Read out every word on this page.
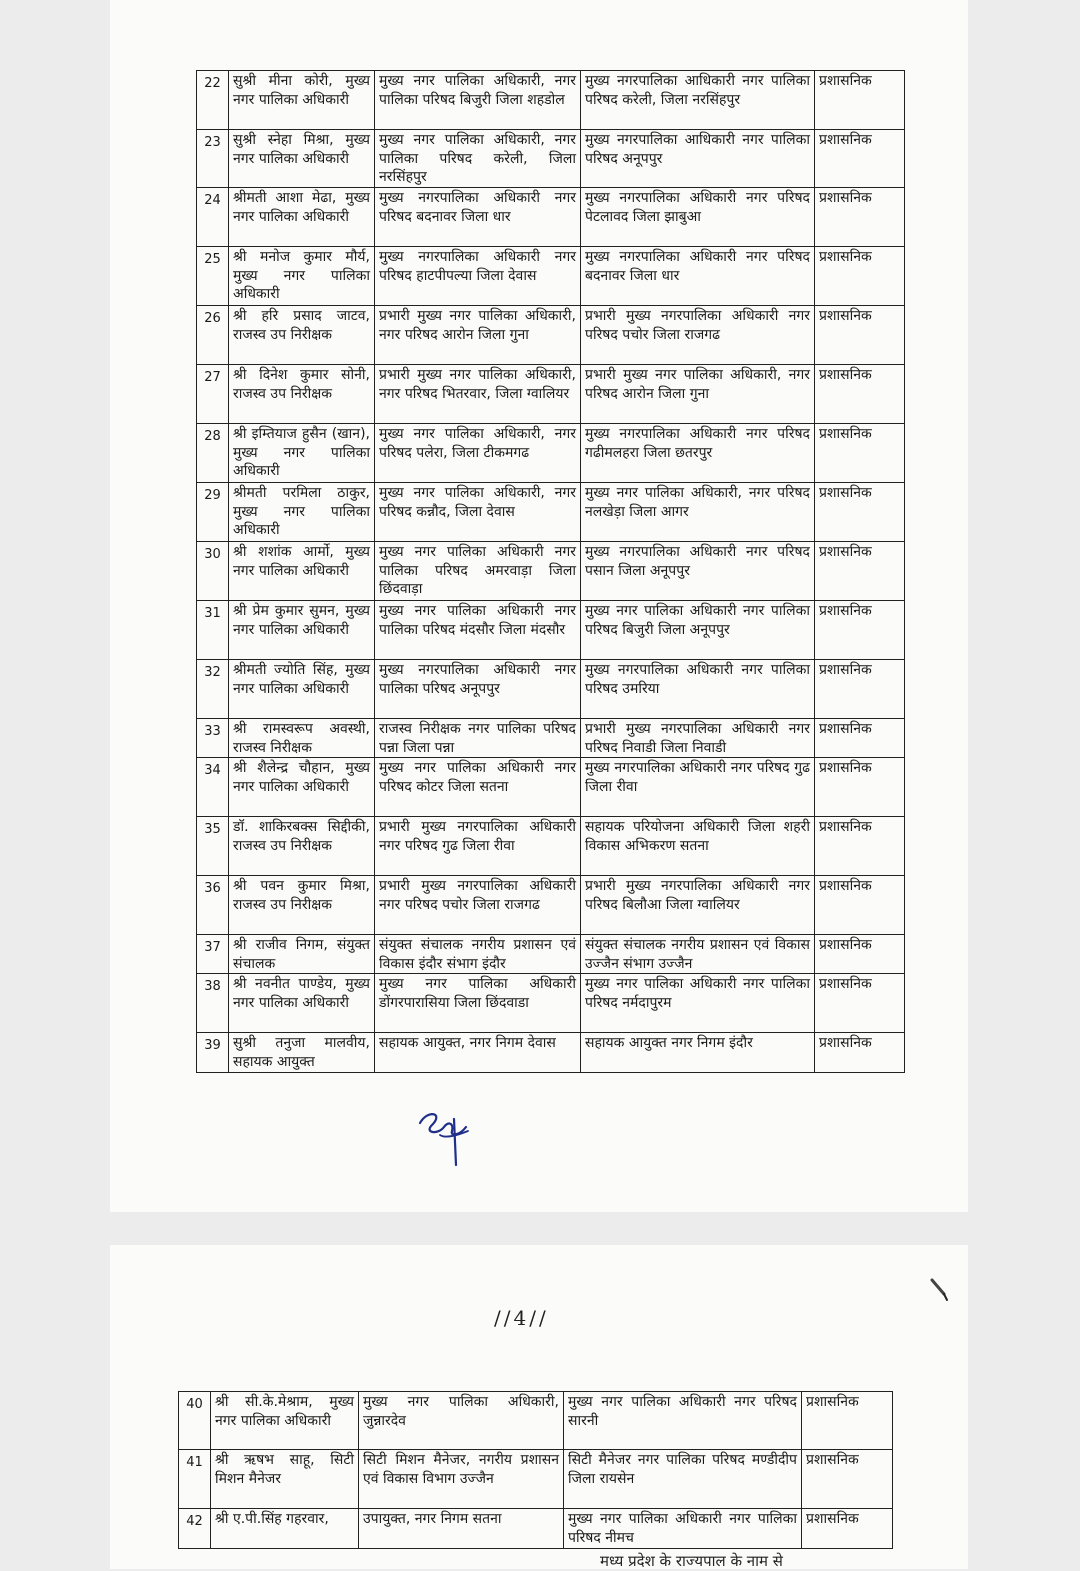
22	सुश्री मीना कोरी, मुख्य नगर पालिका अधिकारी	मुख्य नगर पालिका अधिकारी, नगर पालिका परिषद बिजुरी जिला शहडोल	मुख्य नगरपालिका आधिकारी नगर पालिका परिषद करेली, जिला नरसिंहपुर	प्रशासनिक
23	सुश्री स्नेहा मिश्रा, मुख्य नगर पालिका अधिकारी	मुख्य नगर पालिका अधिकारी, नगर पालिका परिषद करेली, जिला नरसिंहपुर	मुख्य नगरपालिका आधिकारी नगर पालिका परिषद अनूपपुर	प्रशासनिक
24	श्रीमती आशा मेढा, मुख्य नगर पालिका अधिकारी	मुख्य नगरपालिका अधिकारी नगर परिषद बदनावर जिला धार	मुख्य नगरपालिका अधिकारी नगर परिषद पेटलावद जिला झाबुआ	प्रशासनिक
25	श्री मनोज कुमार मौर्य, मुख्य नगर पालिका अधिकारी	मुख्य नगरपालिका अधिकारी नगर परिषद हाटपीपल्या जिला देवास	मुख्य नगरपालिका अधिकारी नगर परिषद बदनावर जिला धार	प्रशासनिक
26	श्री हरि प्रसाद जाटव, राजस्व उप निरीक्षक	प्रभारी मुख्य नगर पालिका अधिकारी, नगर परिषद आरोन जिला गुना	प्रभारी मुख्य नगरपालिका अधिकारी नगर परिषद पचोर जिला राजगढ	प्रशासनिक
27	श्री दिनेश कुमार सोनी, राजस्व उप निरीक्षक	प्रभारी मुख्य नगर पालिका अधिकारी, नगर परिषद भितरवार, जिला ग्वालियर	प्रभारी मुख्य नगर पालिका अधिकारी, नगर परिषद आरोन जिला गुना	प्रशासनिक
28	श्री इम्तियाज हुसैन (खान), मुख्य नगर पालिका अधिकारी	मुख्य नगर पालिका अधिकारी, नगर परिषद पलेरा, जिला टीकमगढ	मुख्य नगरपालिका अधिकारी नगर परिषद गढीमलहरा जिला छतरपुर	प्रशासनिक
29	श्रीमती परमिला ठाकुर, मुख्य नगर पालिका अधिकारी	मुख्य नगर पालिका अधिकारी, नगर परिषद कन्नौद, जिला देवास	मुख्य नगर पालिका अधिकारी, नगर परिषद नलखेड़ा जिला आगर	प्रशासनिक
30	श्री शशांक आर्मो, मुख्य नगर पालिका अधिकारी	मुख्य नगर पालिका अधिकारी नगर पालिका परिषद अमरवाड़ा जिला छिंदवाड़ा	मुख्य नगरपालिका अधिकारी नगर परिषद पसान जिला अनूपपुर	प्रशासनिक
31	श्री प्रेम कुमार सुमन, मुख्य नगर पालिका अधिकारी	मुख्य नगर पालिका अधिकारी नगर पालिका परिषद मंदसौर जिला मंदसौर	मुख्य नगर पालिका अधिकारी नगर पालिका परिषद बिजुरी जिला अनूपपुर	प्रशासनिक
32	श्रीमती ज्योति सिंह, मुख्य नगर पालिका अधिकारी	मुख्य नगरपालिका अधिकारी नगर पालिका परिषद अनूपपुर	मुख्य नगरपालिका अधिकारी नगर पालिका परिषद उमरिया	प्रशासनिक
33	श्री रामस्वरूप अवस्थी, राजस्व निरीक्षक	राजस्व निरीक्षक नगर पालिका परिषद पन्ना जिला पन्ना	प्रभारी मुख्य नगरपालिका अधिकारी नगर परिषद निवाडी जिला निवाडी	प्रशासनिक
34	श्री शैलेन्द्र चौहान, मुख्य नगर पालिका अधिकारी	मुख्य नगर पालिका अधिकारी नगर परिषद कोटर जिला सतना	मुख्य नगरपालिका अधिकारी नगर परिषद गुढ जिला रीवा	प्रशासनिक
35	डॉ. शाकिरबक्स सिद्दीकी, राजस्व उप निरीक्षक	प्रभारी मुख्य नगरपालिका अधिकारी नगर परिषद गुढ जिला रीवा	सहायक परियोजना अधिकारी जिला शहरी विकास अभिकरण सतना	प्रशासनिक
36	श्री पवन कुमार मिश्रा, राजस्व उप निरीक्षक	प्रभारी मुख्य नगरपालिका अधिकारी नगर परिषद पचोर जिला राजगढ	प्रभारी मुख्य नगरपालिका अधिकारी नगर परिषद बिलौआ जिला ग्वालियर	प्रशासनिक
37	श्री राजीव निगम, संयुक्त संचालक	संयुक्त संचालक नगरीय प्रशासन एवं विकास इंदौर संभाग इंदौर	संयुक्त संचालक नगरीय प्रशासन एवं विकास उज्जैन संभाग उज्जैन	प्रशासनिक
38	श्री नवनीत पाण्डेय, मुख्य नगर पालिका अधिकारी	मुख्य नगर पालिका अधिकारी डोंगरपारासिया जिला छिंदवाडा	मुख्य नगर पालिका अधिकारी नगर पालिका परिषद नर्मदापुरम	प्रशासनिक
39	सुश्री तनुजा मालवीय, सहायक आयुक्त	सहायक आयुक्त, नगर निगम देवास	सहायक आयुक्त नगर निगम इंदौर	प्रशासनिक
//4//
40	श्री सी.के.मेश्राम, मुख्य नगर पालिका अधिकारी	मुख्य नगर पालिका अधिकारी, जुन्नारदेव	मुख्य नगर पालिका अधिकारी नगर परिषद सारनी	प्रशासनिक
41	श्री ऋषभ साहू, सिटी मिशन मैनेजर	सिटी मिशन मैनेजर, नगरीय प्रशासन एवं विकास विभाग उज्जैन	सिटी मैनेजर नगर पालिका परिषद मण्डीदीप जिला रायसेन	प्रशासनिक
42	श्री ए.पी.सिंह गहरवार,	उपायुक्त, नगर निगम सतना	मुख्य नगर पालिका अधिकारी नगर पालिका परिषद नीमच	प्रशासनिक
मध्य प्रदेश के राज्यपाल के नाम से
